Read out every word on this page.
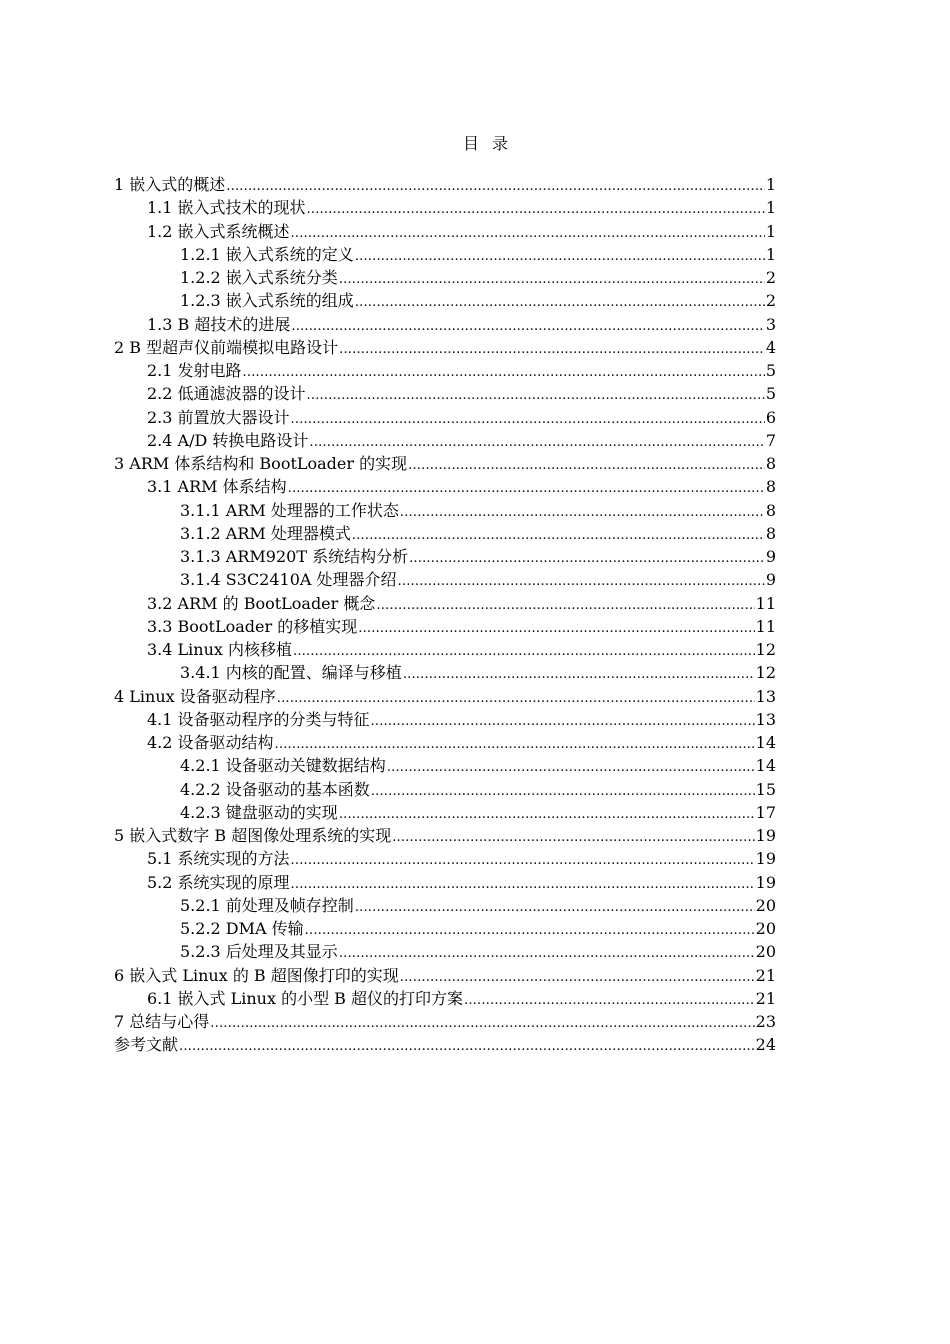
目 录
1 嵌入式的概述 .....	1
1.1 嵌入式技术的现状 .....	1
1.2 嵌入式系统概述 .....	1
1.2.1 嵌入式系统的定义 .....	1
1.2.2 嵌入式系统分类 .....	2
1.2.3 嵌入式系统的组成 .....	2
1.3 B 超技术的进展 .....	3
2 B 型超声仪前端模拟电路设计 .....	4
2.1 发射电路 .....	5
2.2 低通滤波器的设计 .....	5
2.3 前置放大器设计 .....	6
2.4 A/D 转换电路设计 .....	7
3 ARM 体系结构和 BootLoader 的实现 .....	8
3.1 ARM 体系结构 .....	8
3.1.1 ARM 处理器的工作状态 .....	8
3.1.2 ARM 处理器模式 .....	8
3.1.3 ARM920T 系统结构分析 .....	9
3.1.4 S3C2410A 处理器介绍 .....	9
3.2 ARM 的 BootLoader 概念 .....	11
3.3 BootLoader 的移植实现 .....	11
3.4 Linux 内核移植 .....	12
3.4.1 内核的配置、编译与移植 .....	12
4 Linux 设备驱动程序 .....	13
4.1 设备驱动程序的分类与特征 .....	13
4.2 设备驱动结构 .....	14
4.2.1 设备驱动关键数据结构 .....	14
4.2.2 设备驱动的基本函数 .....	15
4.2.3 键盘驱动的实现 .....	17
5 嵌入式数字 B 超图像处理系统的实现 .....	19
5.1 系统实现的方法 .....	19
5.2 系统实现的原理 .....	19
5.2.1 前处理及帧存控制 .....	20
5.2.2 DMA 传输 .....	20
5.2.3 后处理及其显示 .....	20
6 嵌入式 Linux 的 B 超图像打印的实现 .....	21
6.1 嵌入式 Linux 的小型 B 超仪的打印方案 .....	21
7 总结与心得 .....	23
参考文献 .....	24
